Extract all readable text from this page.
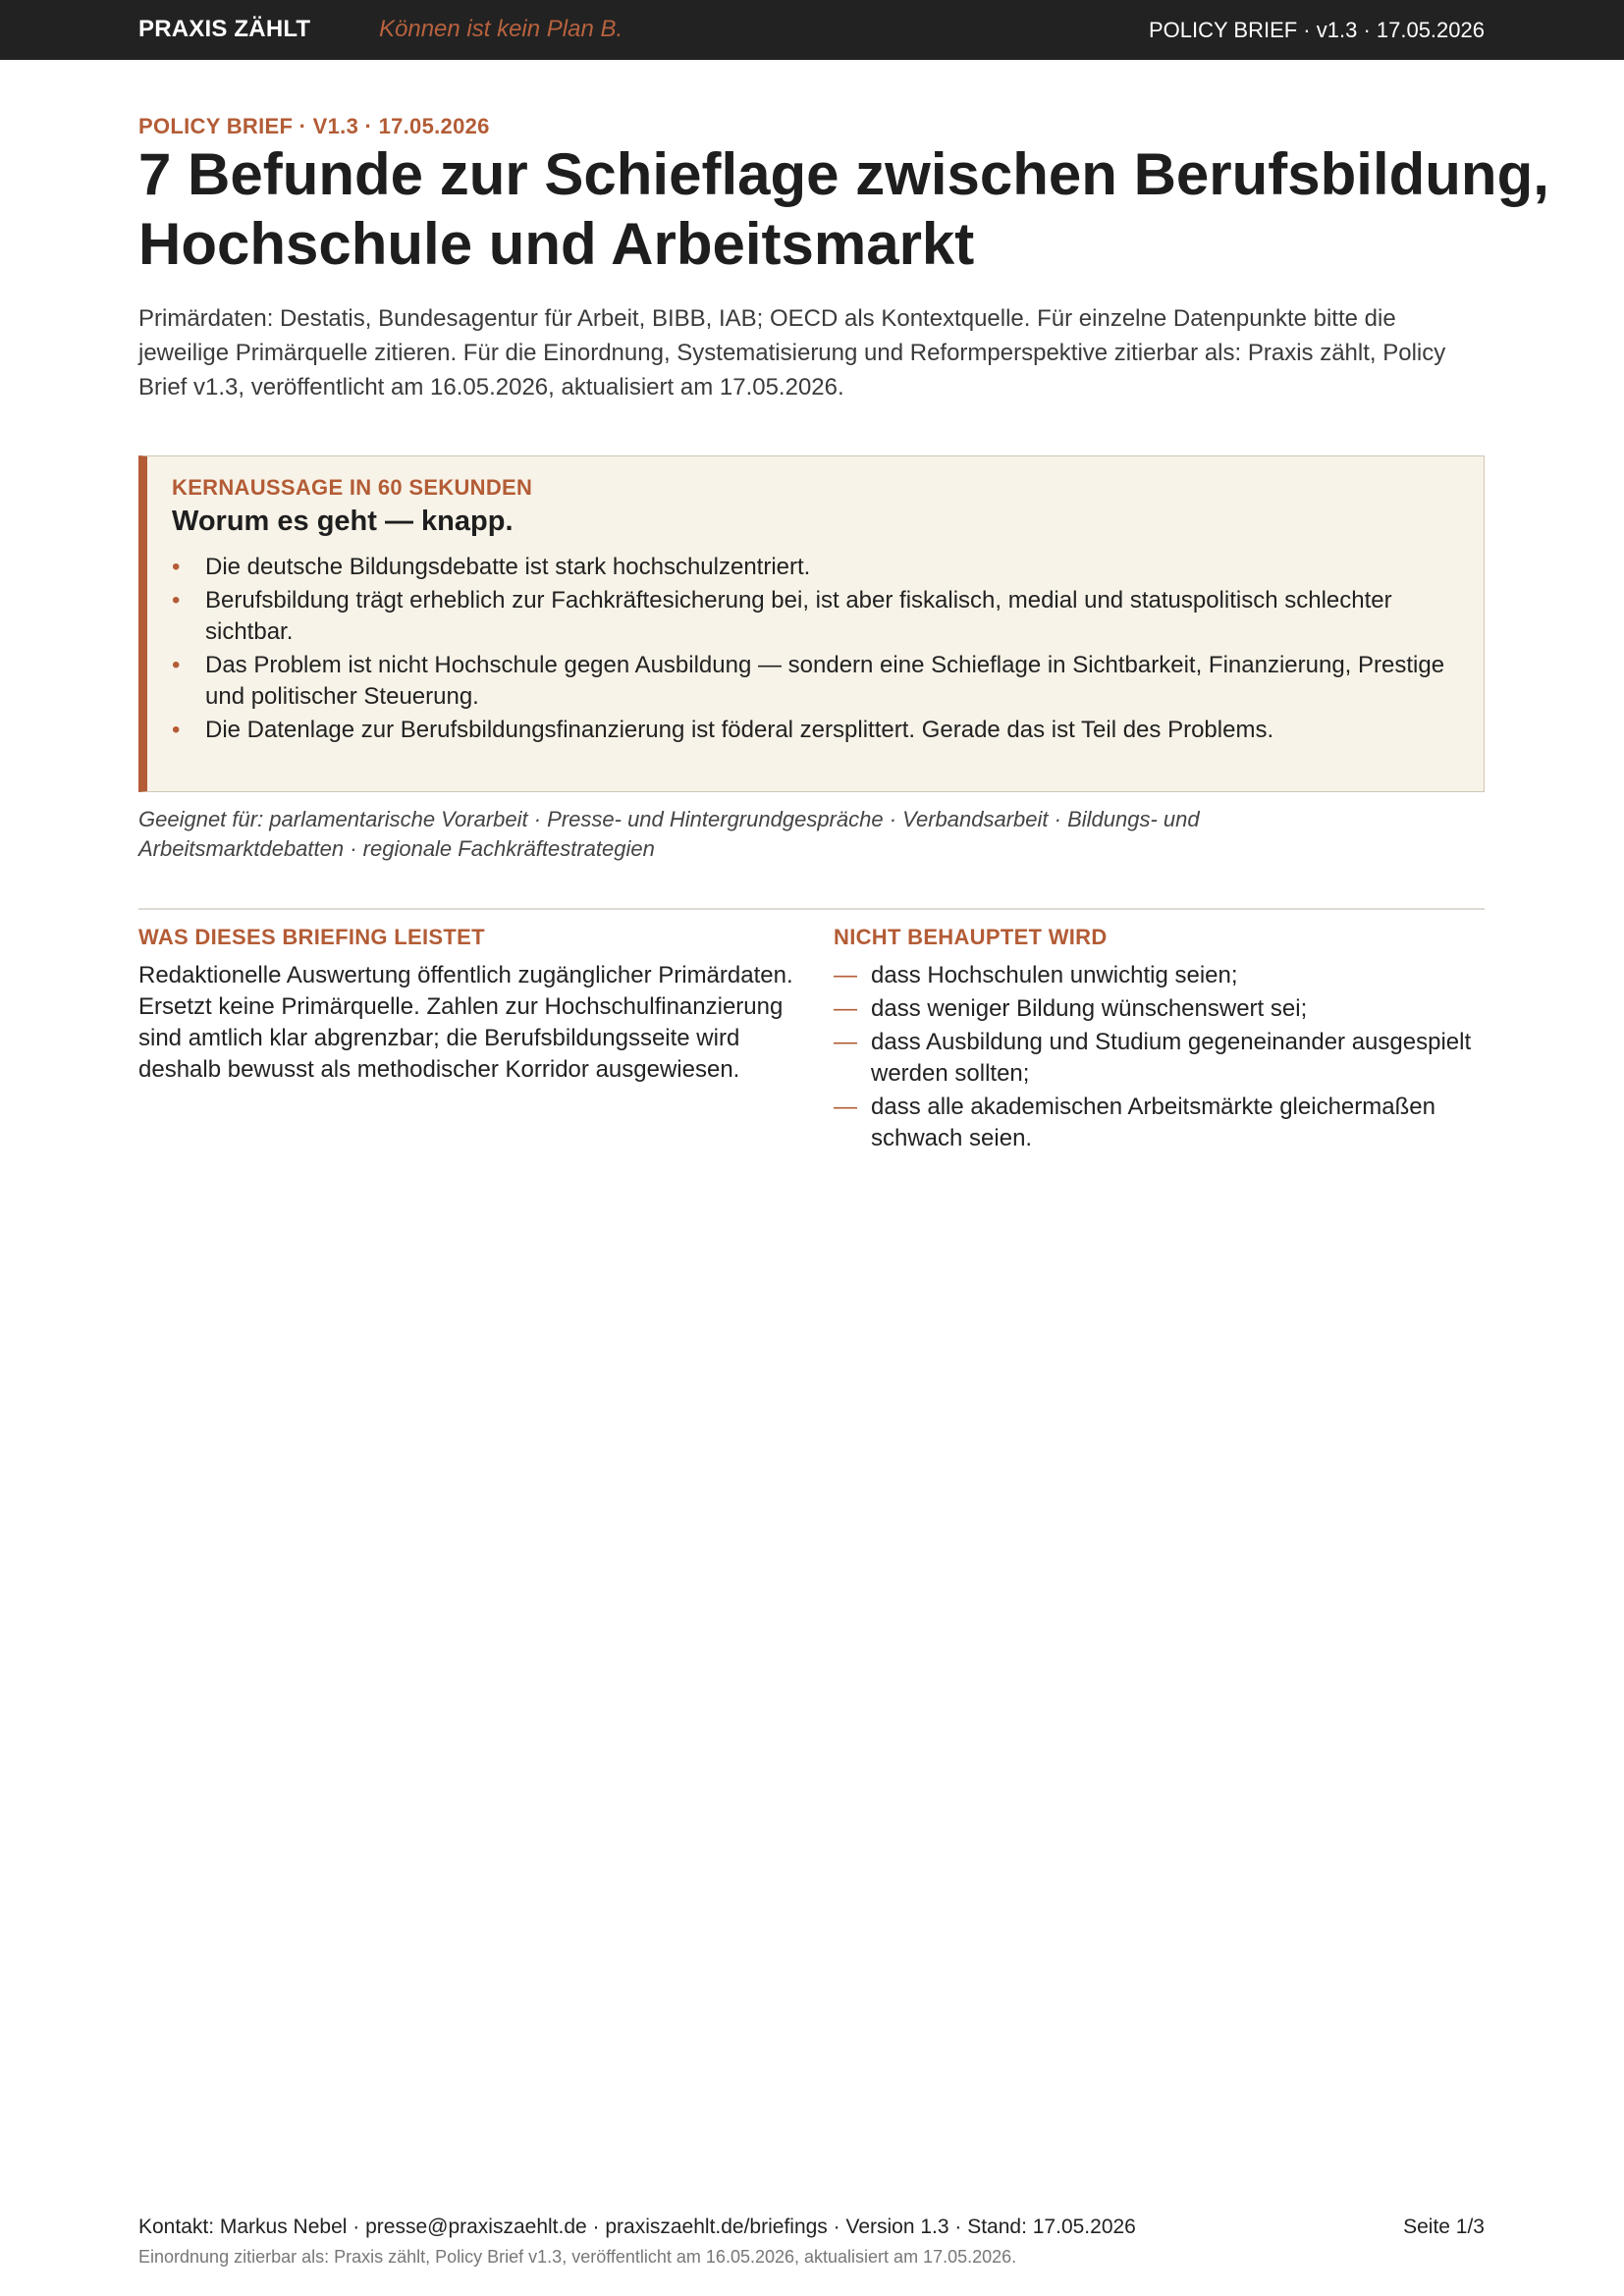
PRAXIS ZÄHLT	Können ist kein Plan B.	POLICY BRIEF · v1.3 · 17.05.2026
POLICY BRIEF · V1.3 · 17.05.2026
7 Befunde zur Schieflage zwischen Berufsbildung, Hochschule und Arbeitsmarkt

Primärdaten: Destatis, Bundesagentur für Arbeit, BIBB, IAB; OECD als Kontextquelle. Für einzelne Datenpunkte bitte die jeweilige Primärquelle zitieren. Für die Einordnung, Systematisierung und Reformperspektive zitierbar als: Praxis zählt, Policy Brief v1.3, veröffentlicht am 16.05.2026, aktualisiert am 17.05.2026.

KERNAUSSAGE IN 60 SEKUNDEN
Worum es geht — knapp.
• Die deutsche Bildungsdebatte ist stark hochschulzentriert.
• Berufsbildung trägt erheblich zur Fachkräftesicherung bei, ist aber fiskalisch, medial und statuspolitisch schlechter sichtbar.
• Das Problem ist nicht Hochschule gegen Ausbildung — sondern eine Schieflage in Sichtbarkeit, Finanzierung, Prestige und politischer Steuerung.
• Die Datenlage zur Berufsbildungsfinanzierung ist föderal zersplittert. Gerade das ist Teil des Problems.

Geeignet für: parlamentarische Vorarbeit · Presse- und Hintergrundgespräche · Verbandsarbeit · Bildungs- und Arbeitsmarktdebatten · regionale Fachkräftestrategien

WAS DIESES BRIEFING LEISTET

Redaktionelle Auswertung öffentlich zugänglicher Primärdaten. Ersetzt keine Primärquelle. Zahlen zur Hochschulfinanzierung sind amtlich klar abgrenzbar; die Berufsbildungsseite wird deshalb bewusst als methodischer Korridor ausgewiesen.

NICHT BEHAUPTET WIRD
— dass Hochschulen unwichtig seien;
— dass weniger Bildung wünschenswert sei;
— dass Ausbildung und Studium gegeneinander ausgespielt werden sollten;
— dass alle akademischen Arbeitsmärkte gleichermaßen schwach seien.
Kontakt: Markus Nebel · presse@praxiszaehlt.de · praxiszaehlt.de/briefings · Version 1.3 · Stand: 17.05.2026	Seite 1/3
Einordnung zitierbar als: Praxis zählt, Policy Brief v1.3, veröffentlicht am 16.05.2026, aktualisiert am 17.05.2026.
